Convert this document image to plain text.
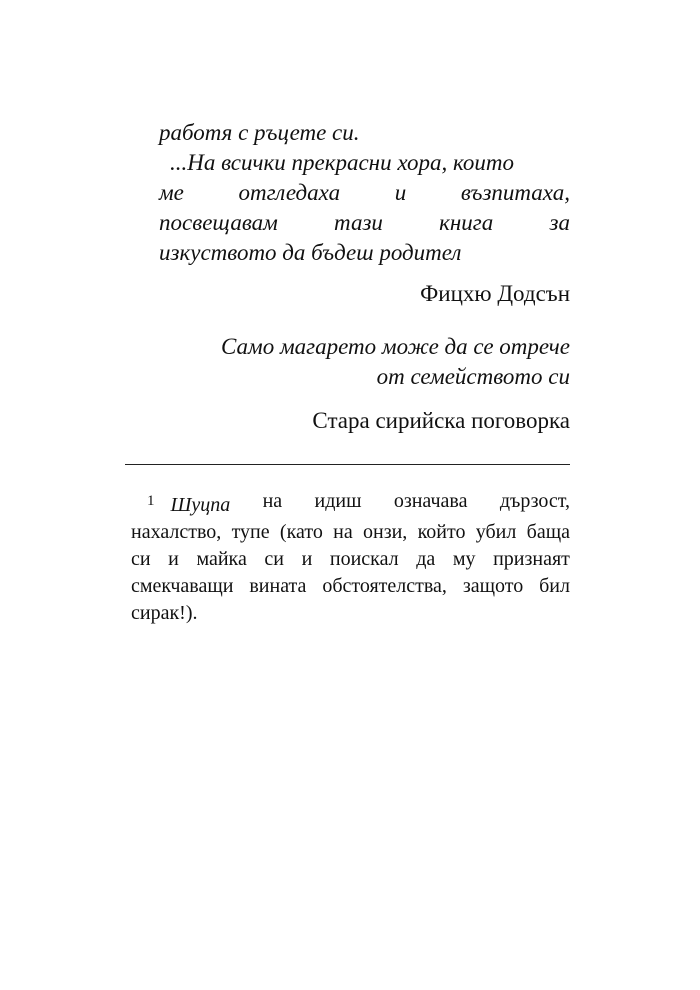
работя с ръцете си.
...На всички прекрасни хора, които
ме отгледаха и възпитаха,
посвещавам тази книга за
изкуството да бъдеш родител
Фицхю Додсън
Само магарето може да се отрече
от семейството си
Стара сирийска поговорка
$^1$ Шуцпа на идиш означава дързост,
нахалство, тупе (като на онзи, който убил баща
си и майка си и поискал да му признаят
смекчаващи вината обстоятелства, защото бил
сирак!).
